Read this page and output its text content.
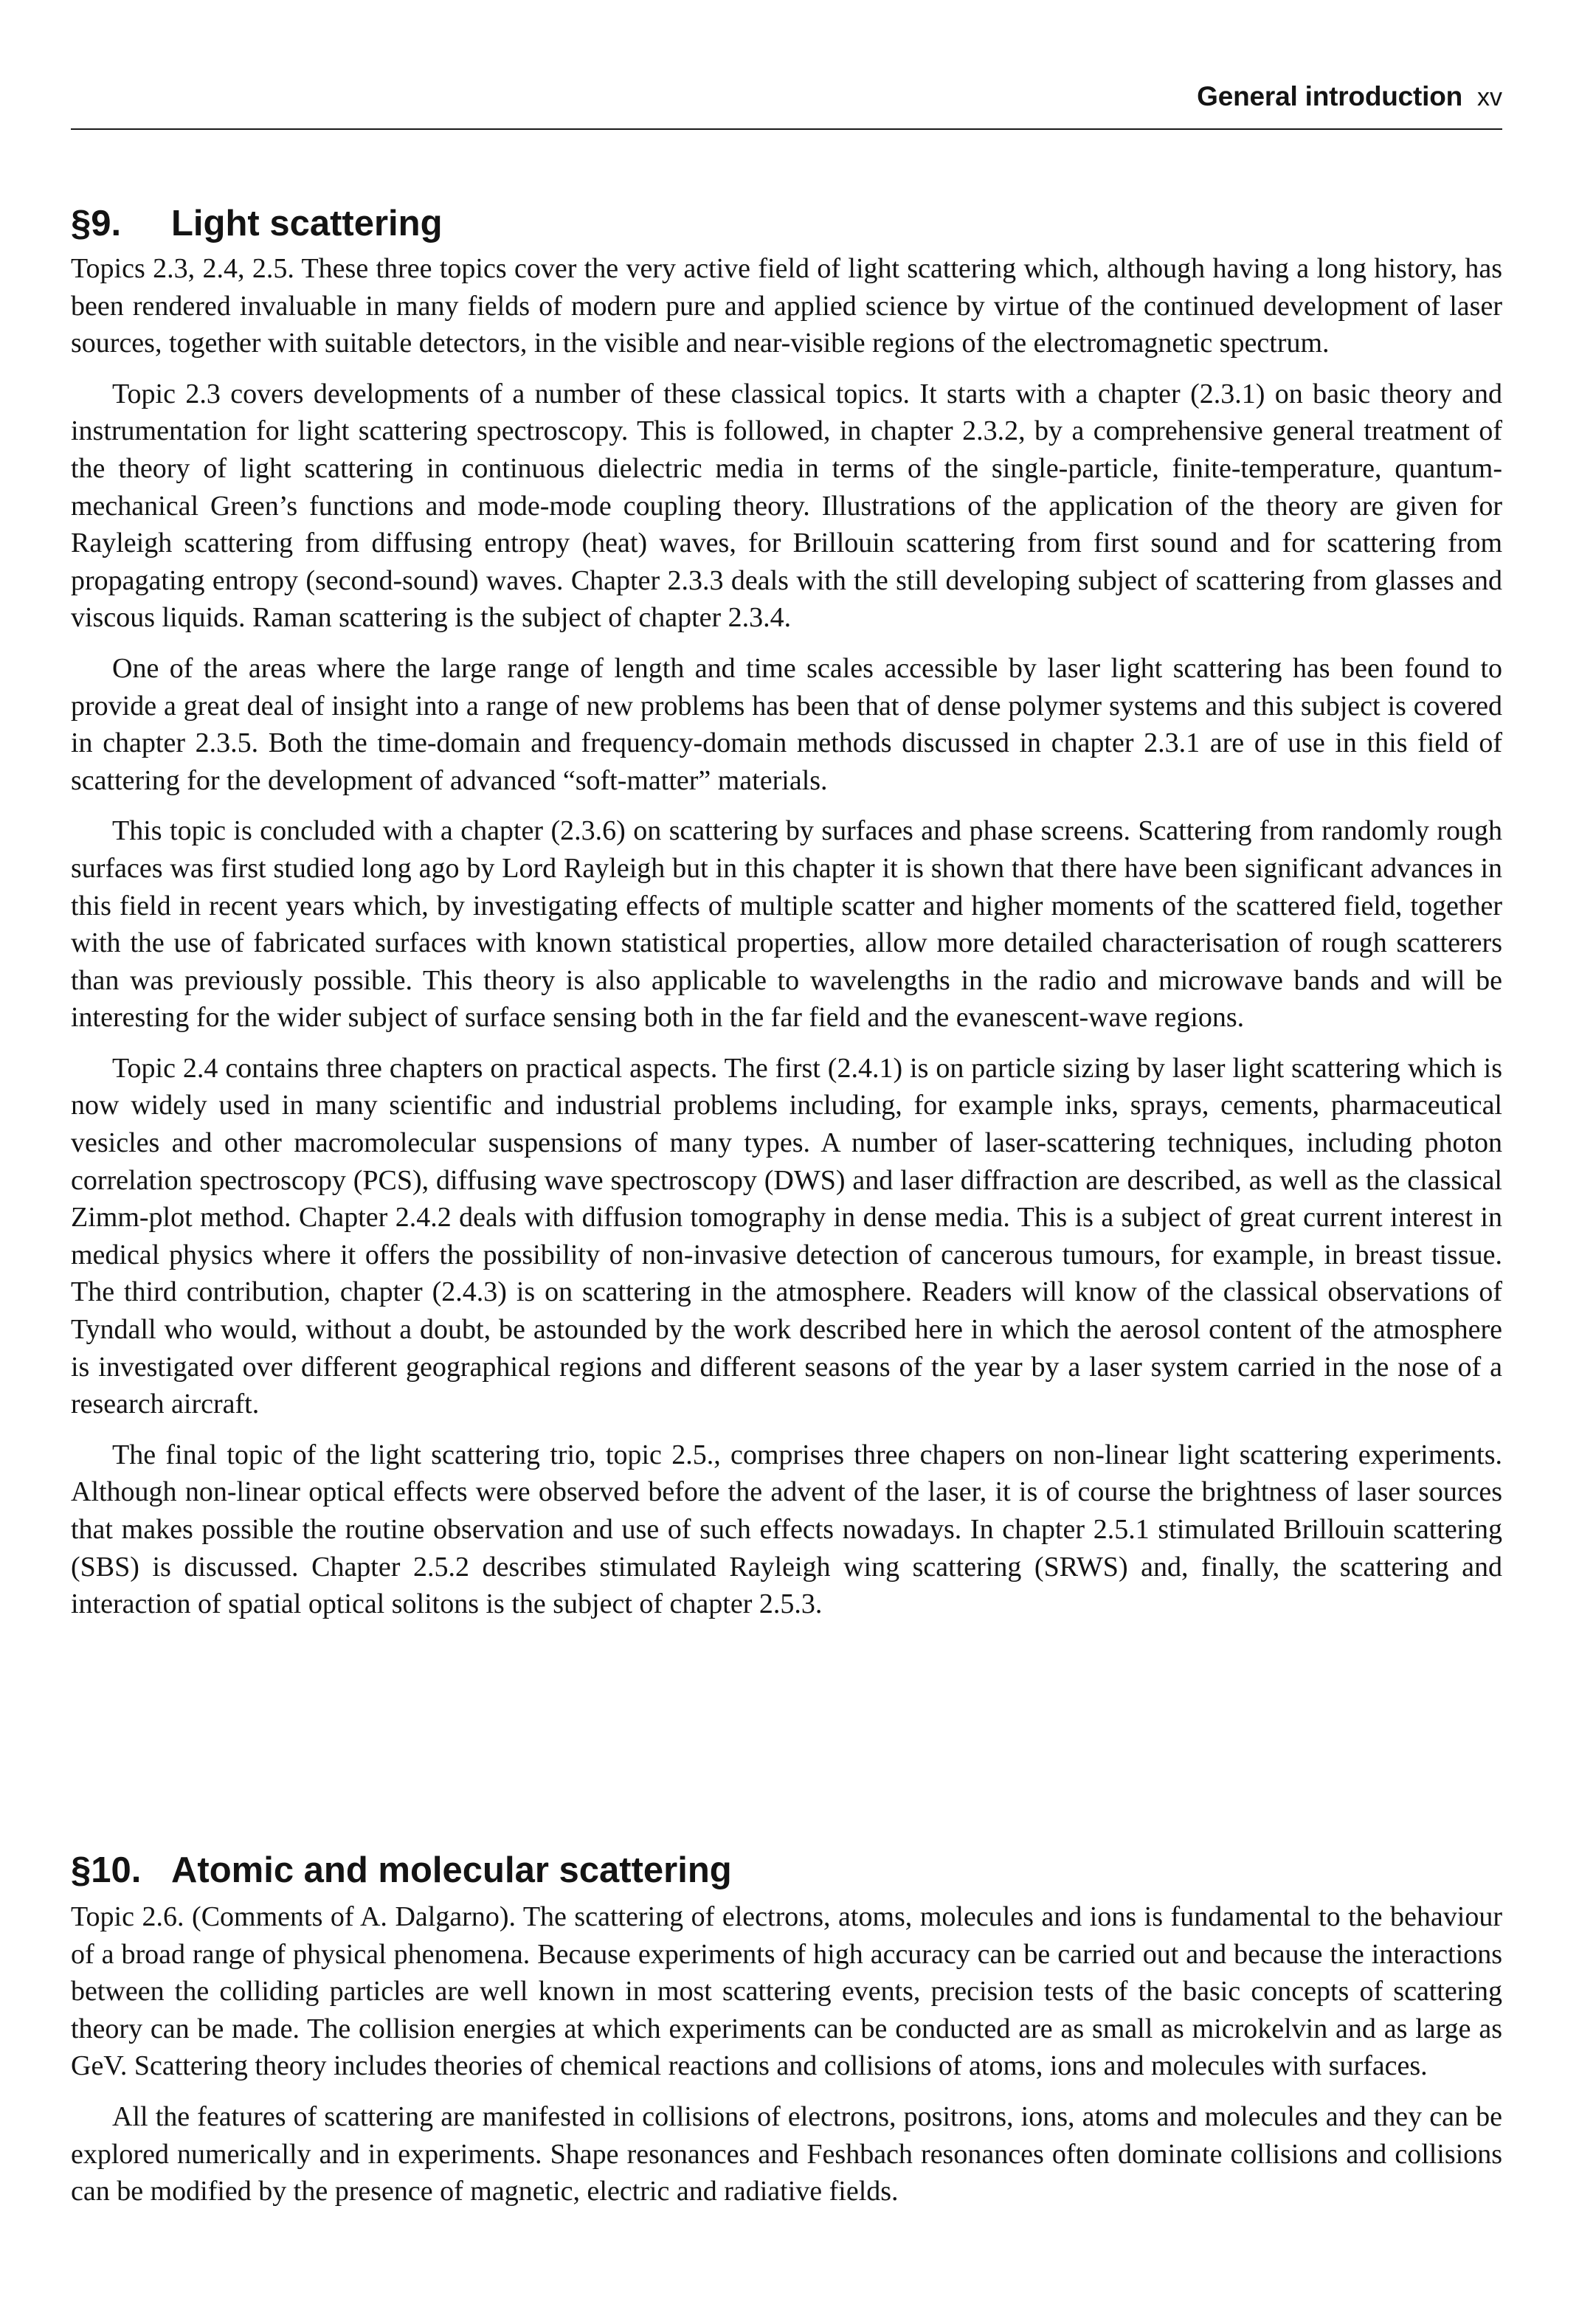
General introduction xv
§9. Light scattering

Topics 2.3, 2.4, 2.5. These three topics cover the very active field of light scattering which, although having a long history, has been rendered invaluable in many fields of modern pure and applied science by virtue of the continued development of laser sources, together with suitable detectors, in the visible and near-visible regions of the electromagnetic spectrum.

Topic 2.3 covers developments of a number of these classical topics. It starts with a chapter (2.3.1) on basic theory and instrumentation for light scattering spectroscopy. This is followed, in chapter 2.3.2, by a comprehensive general treatment of the theory of light scattering in continuous dielectric media in terms of the single-particle, finite-temperature, quantum-mechanical Green’s functions and mode-mode coupling theory. Illustrations of the application of the theory are given for Rayleigh scattering from diffusing entropy (heat) waves, for Brillouin scattering from first sound and for scattering from propagating entropy (second-sound) waves. Chapter 2.3.3 deals with the still developing subject of scattering from glasses and viscous liquids. Raman scattering is the subject of chapter 2.3.4.

One of the areas where the large range of length and time scales accessible by laser light scattering has been found to provide a great deal of insight into a range of new problems has been that of dense polymer systems and this subject is covered in chapter 2.3.5. Both the time-domain and frequency-domain methods discussed in chapter 2.3.1 are of use in this field of scattering for the development of advanced “soft-matter” materials.

This topic is concluded with a chapter (2.3.6) on scattering by surfaces and phase screens. Scattering from randomly rough surfaces was first studied long ago by Lord Rayleigh but in this chapter it is shown that there have been significant advances in this field in recent years which, by investigating effects of multiple scatter and higher moments of the scattered field, together with the use of fabricated surfaces with known statistical properties, allow more detailed characterisation of rough scatterers than was previously possible. This theory is also applicable to wavelengths in the radio and microwave bands and will be interesting for the wider subject of surface sensing both in the far field and the evanescent-wave regions.

Topic 2.4 contains three chapters on practical aspects. The first (2.4.1) is on particle sizing by laser light scattering which is now widely used in many scientific and industrial problems including, for example inks, sprays, cements, pharmaceutical vesicles and other macromolecular suspensions of many types. A number of laser-scattering techniques, including photon correlation spectroscopy (PCS), diffusing wave spectroscopy (DWS) and laser diffraction are described, as well as the classical Zimm-plot method. Chapter 2.4.2 deals with diffusion tomography in dense media. This is a subject of great current interest in medical physics where it offers the possibility of non-invasive detection of cancerous tumours, for example, in breast tissue. The third contribution, chapter (2.4.3) is on scattering in the atmosphere. Readers will know of the classical observations of Tyndall who would, without a doubt, be astounded by the work described here in which the aerosol content of the atmosphere is investigated over different geographical regions and different seasons of the year by a laser system carried in the nose of a research aircraft.

The final topic of the light scattering trio, topic 2.5., comprises three chapers on non-linear light scattering experiments. Although non-linear optical effects were observed before the advent of the laser, it is of course the brightness of laser sources that makes possible the routine observation and use of such effects nowadays. In chapter 2.5.1 stimulated Brillouin scattering (SBS) is discussed. Chapter 2.5.2 describes stimulated Rayleigh wing scattering (SRWS) and, finally, the scattering and interaction of spatial optical solitons is the subject of chapter 2.5.3.

§10. Atomic and molecular scattering

Topic 2.6. (Comments of A. Dalgarno). The scattering of electrons, atoms, molecules and ions is fundamental to the behaviour of a broad range of physical phenomena. Because experiments of high accuracy can be carried out and because the interactions between the colliding particles are well known in most scattering events, precision tests of the basic concepts of scattering theory can be made. The collision energies at which experiments can be conducted are as small as microkelvin and as large as GeV. Scattering theory includes theories of chemical reactions and collisions of atoms, ions and molecules with surfaces.

All the features of scattering are manifested in collisions of electrons, positrons, ions, atoms and molecules and they can be explored numerically and in experiments. Shape resonances and Feshbach resonances often dominate collisions and collisions can be modified by the presence of magnetic, electric and radiative fields.
